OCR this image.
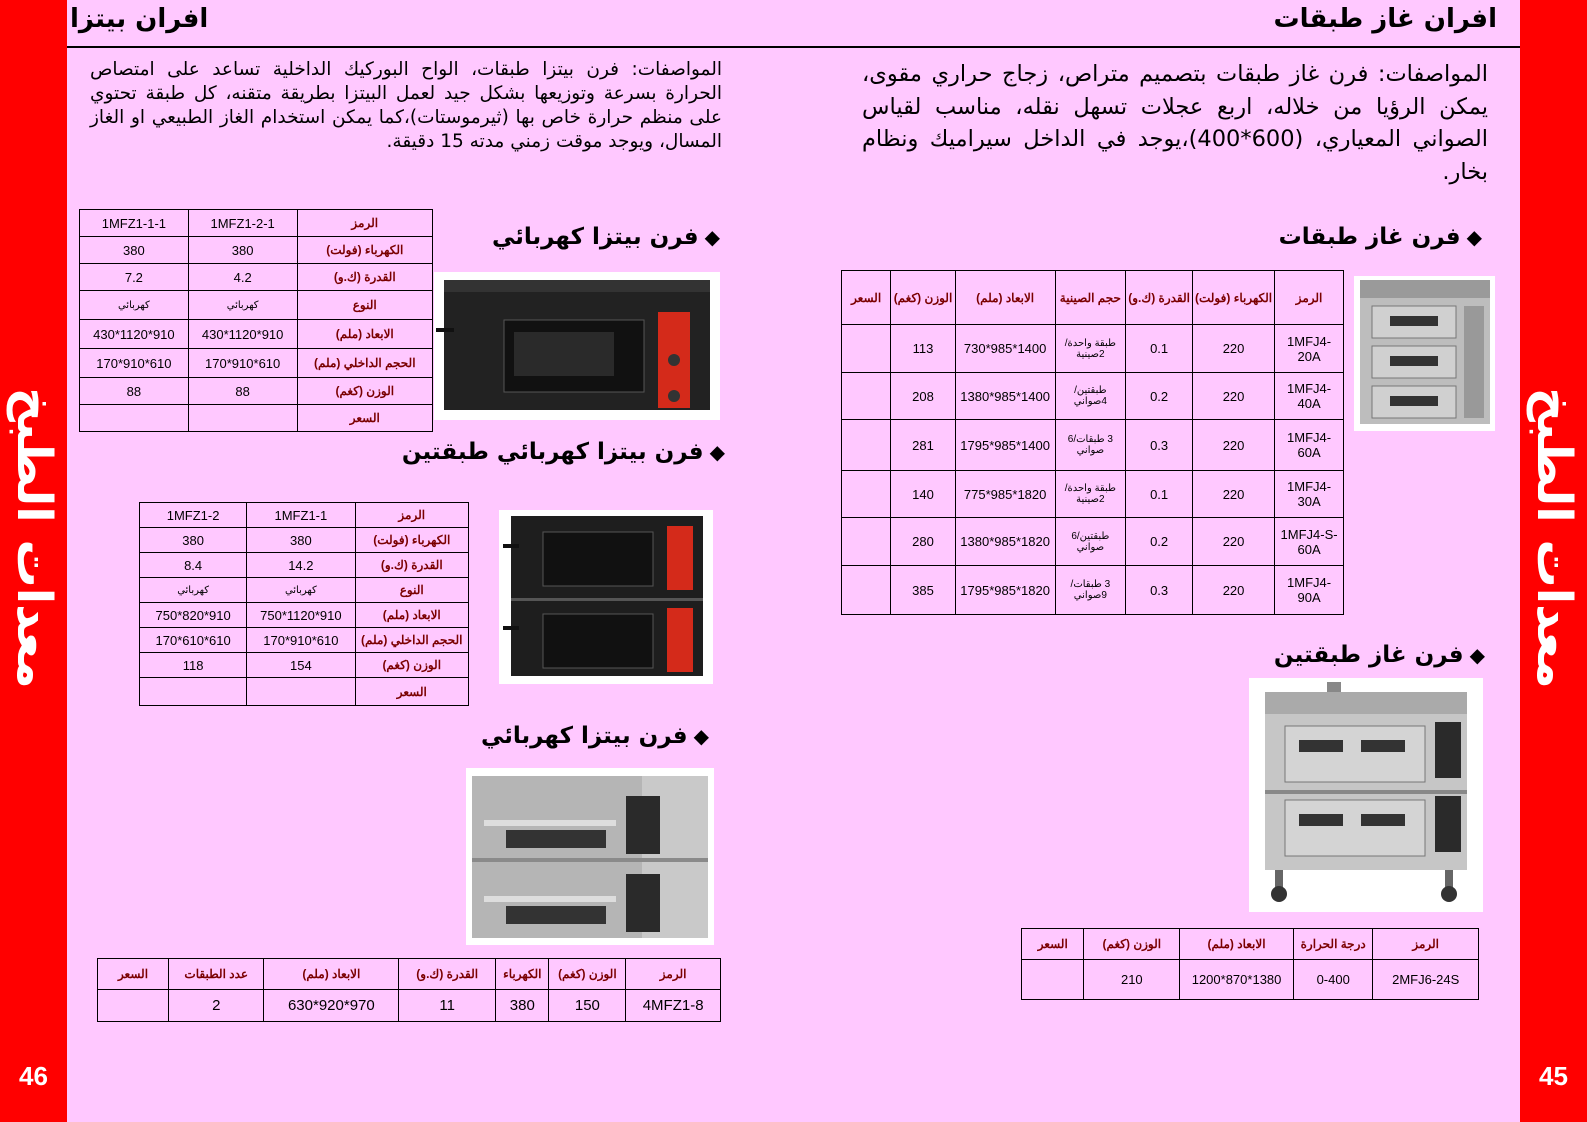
معدات الطبخ
46
معدات الطبخ
45
افران بيتزا	افران غاز طبقات
المواصفات: فرن بيتزا طبقات، الواح البوركيك الداخلية تساعد على امتصاص الحرارة بسرعة وتوزيعها بشكل جيد لعمل البيتزا بطريقة متقنه، كل طبقة تحتوي على منظم حرارة خاص بها (ثيرموستات)،كما يمكن استخدام الغاز الطبيعي او الغاز المسال، ويوجد موقت زمني مدته 15 دقيقة.
المواصفات: فرن غاز طبقات بتصميم متراص، زجاج حراري مقوى، يمكن الرؤيا من خلاله، اربع عجلات تسهل نقله، مناسب لقياس الصواني المعياري، (600*400)،يوجد في الداخل سيراميك ونظام بخار.
◆فرن بيتزا كهربائي
الرمز	1MFZ1-2-1	1MFZ1-1-1
الكهرباء (فولت)	380	380
القدرة (ك.و)	4.2	7.2
النوع	كهربائي	كهربائي
الابعاد (ملم)	910*1120*430	910*1120*430
الحجم الداخلي (ملم)	610*910*170	610*910*170
الوزن (كغم)	88	88
السعر		
◆فرن بيتزا كهربائي طبقتين
الرمز	1MFZ1-1	1MFZ1-2
الكهرباء (فولت)	380	380
القدرة (ك.و)	14.2	8.4
النوع	كهربائي	كهربائي
الابعاد (ملم)	910*1120*750	910*820*750
الحجم الداخلي (ملم)	610*910*170	610*610*170
الوزن (كغم)	154	118
السعر		
◆فرن بيتزا كهربائي
الرمز	الوزن (كغم)	الكهرباء	القدرة (ك.و)	الابعاد (ملم)	عدد الطبقات	السعر
4MFZ1-8	150	380	11	970*920*630	2	
◆فرن غاز طبقات
الرمز	الكهرباء (فولت)	القدرة (ك.و)	حجم الصينية	الابعاد (ملم)	الوزن (كغم)	السعر
1MFJ4-20A	220	0.1	طبقة واحدة/ 2صينية	1400*985*730	113	
1MFJ4-40A	220	0.2	طبقتين/ 4صواني	1400*985*1380	208	
1MFJ4-60A	220	0.3	3 طبقات/6 صواني	1400*985*1795	281	
1MFJ4-30A	220	0.1	طبقة واحدة/ 2صينية	1820*985*775	140	
1MFJ4-S-60A	220	0.2	طبقتين/6 صواني	1820*985*1380	280	
1MFJ4-90A	220	0.3	3 طبقات/ 9صواني	1820*985*1795	385	
◆فرن غاز طبقتين
الرمز	درجة الحرارة	الابعاد (ملم)	الوزن (كغم)	السعر
2MFJ6-24S	0-400	1380*870*1200	210	
